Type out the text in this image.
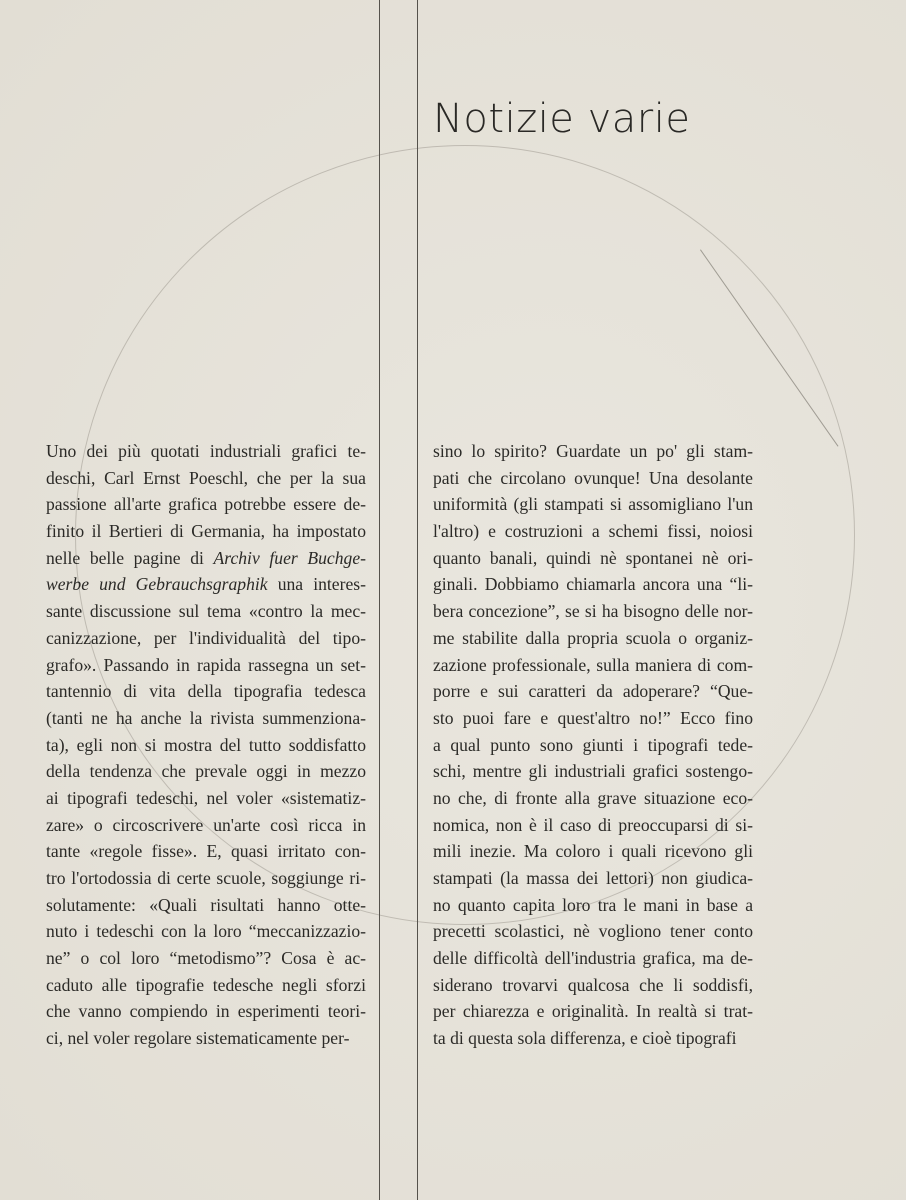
Notizie varie
Uno dei più quotati industriali grafici te-
deschi, Carl Ernst Poeschl, che per la sua
passione all'arte grafica potrebbe essere de-
finito il Bertieri di Germania, ha impostato
nelle belle pagine di Archiv fuer Buchge-
werbe und Gebrauchsgraphik una interes-
sante discussione sul tema «contro la mec-
canizzazione, per l'individualità del tipo-
grafo». Passando in rapida rassegna un set-
tantennio di vita della tipografia tedesca
(tanti ne ha anche la rivista summenziona-
ta), egli non si mostra del tutto soddisfatto
della tendenza che prevale oggi in mezzo
ai tipografi tedeschi, nel voler «sistematiz-
zare» o circoscrivere un'arte così ricca in
tante «regole fisse». E, quasi irritato con-
tro l'ortodossia di certe scuole, soggiunge ri-
solutamente: «Quali risultati hanno otte-
nuto i tedeschi con la loro “meccanizzazio-
ne” o col loro “metodismo”? Cosa è ac-
caduto alle tipografie tedesche negli sforzi
che vanno compiendo in esperimenti teori-
ci, nel voler regolare sistematicamente per-
sino lo spirito? Guardate un po' gli stam-
pati che circolano ovunque! Una desolante
uniformità (gli stampati si assomigliano l'un
l'altro) e costruzioni a schemi fissi, noiosi
quanto banali, quindi nè spontanei nè ori-
ginali. Dobbiamo chiamarla ancora una “li-
bera concezione”, se si ha bisogno delle nor-
me stabilite dalla propria scuola o organiz-
zazione professionale, sulla maniera di com-
porre e sui caratteri da adoperare? “Que-
sto puoi fare e quest'altro no!” Ecco fino
a qual punto sono giunti i tipografi tede-
schi, mentre gli industriali grafici sostengo-
no che, di fronte alla grave situazione eco-
nomica, non è il caso di preoccuparsi di si-
mili inezie. Ma coloro i quali ricevono gli
stampati (la massa dei lettori) non giudica-
no quanto capita loro tra le mani in base a
precetti scolastici, nè vogliono tener conto
delle difficoltà dell'industria grafica, ma de-
siderano trovarvi qualcosa che li soddisfi,
per chiarezza e originalità. In realtà si trat-
ta di questa sola differenza, e cioè tipografi
